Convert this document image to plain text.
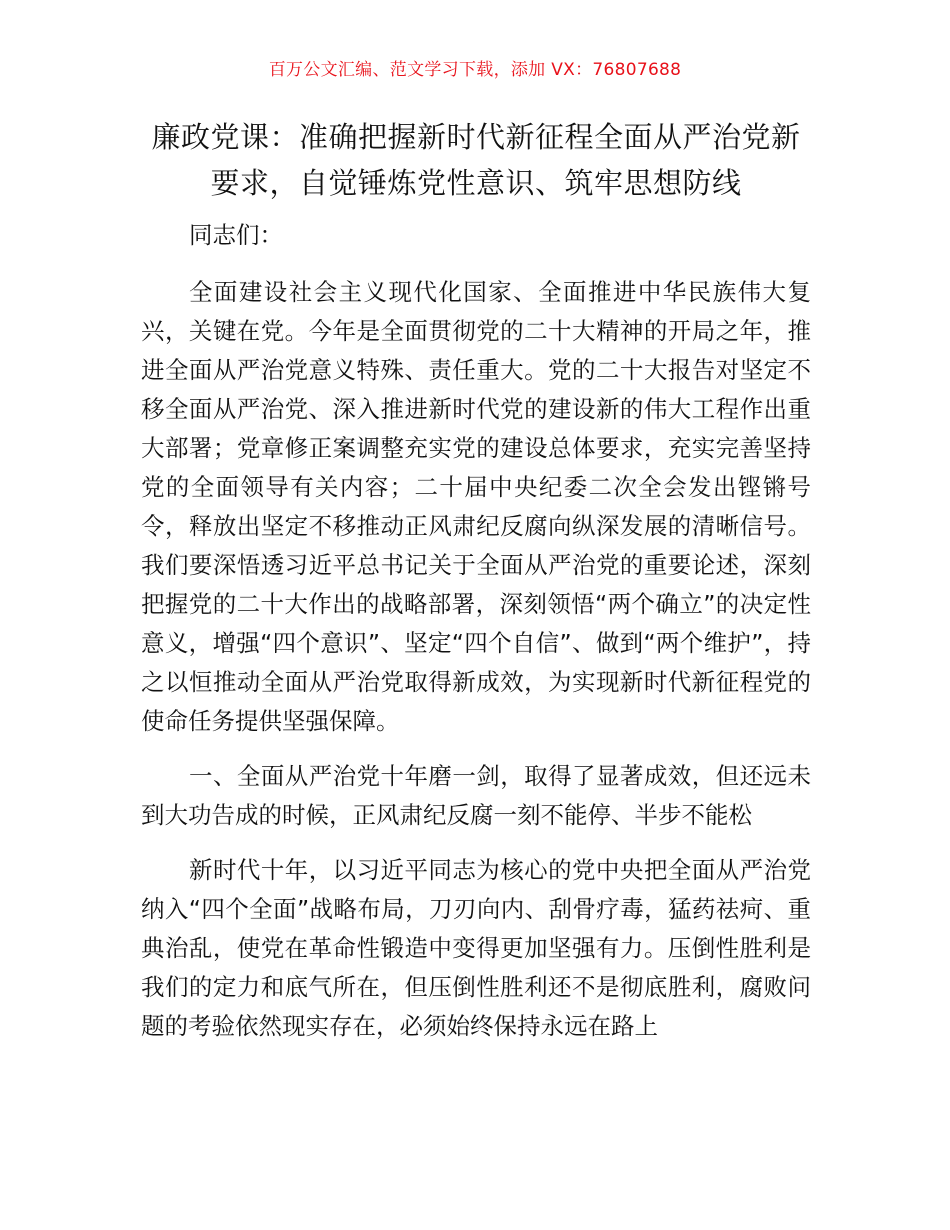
百万公文汇编、范文学习下载，添加 VX：76807688
廉政党课：准确把握新时代新征程全面从严治党新要求，自觉锤炼党性意识、筑牢思想防线

同志们：

全面建设社会主义现代化国家、全面推进中华民族伟大复兴，关键在党。今年是全面贯彻党的二十大精神的开局之年，推进全面从严治党意义特殊、责任重大。党的二十大报告对坚定不移全面从严治党、深入推进新时代党的建设新的伟大工程作出重大部署；党章修正案调整充实党的建设总体要求，充实完善坚持党的全面领导有关内容；二十届中央纪委二次全会发出铿锵号令，释放出坚定不移推动正风肃纪反腐向纵深发展的清晰信号。我们要深悟透习近平总书记关于全面从严治党的重要论述，深刻把握党的二十大作出的战略部署，深刻领悟“两个确立”的决定性意义，增强“四个意识”、坚定“四个自信”、做到“两个维护”，持之以恒推动全面从严治党取得新成效，为实现新时代新征程党的使命任务提供坚强保障。

一、全面从严治党十年磨一剑，取得了显著成效，但还远未到大功告成的时候，正风肃纪反腐一刻不能停、半步不能松

新时代十年，以习近平同志为核心的党中央把全面从严治党纳入“四个全面”战略布局，刀刃向内、刮骨疗毒，猛药祛疴、重典治乱，使党在革命性锻造中变得更加坚强有力。压倒性胜利是我们的定力和底气所在，但压倒性胜利还不是彻底胜利，腐败问题的考验依然现实存在，必须始终保持永远在路上
